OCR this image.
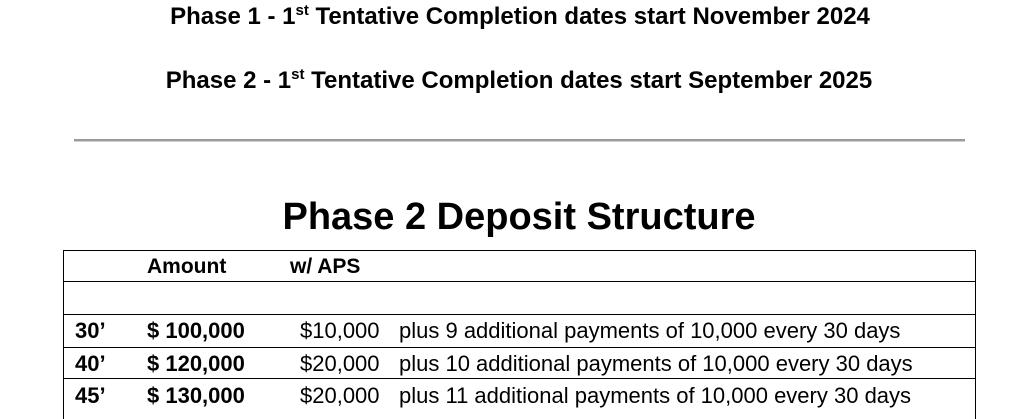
Phase 1 - 1st Tentative Completion dates start November 2024
Phase 2 - 1st Tentative Completion dates start September 2025
Phase 2 Deposit Structure
Amount	w/ APS
30’ $ 100,000	$10,000 plus 9 additional payments of 10,000 every 30 days
40’ $ 120,000	$20,000 plus 10 additional payments of 10,000 every 30 days
45’ $ 130,000	$20,000 plus 11 additional payments of 10,000 every 30 days
